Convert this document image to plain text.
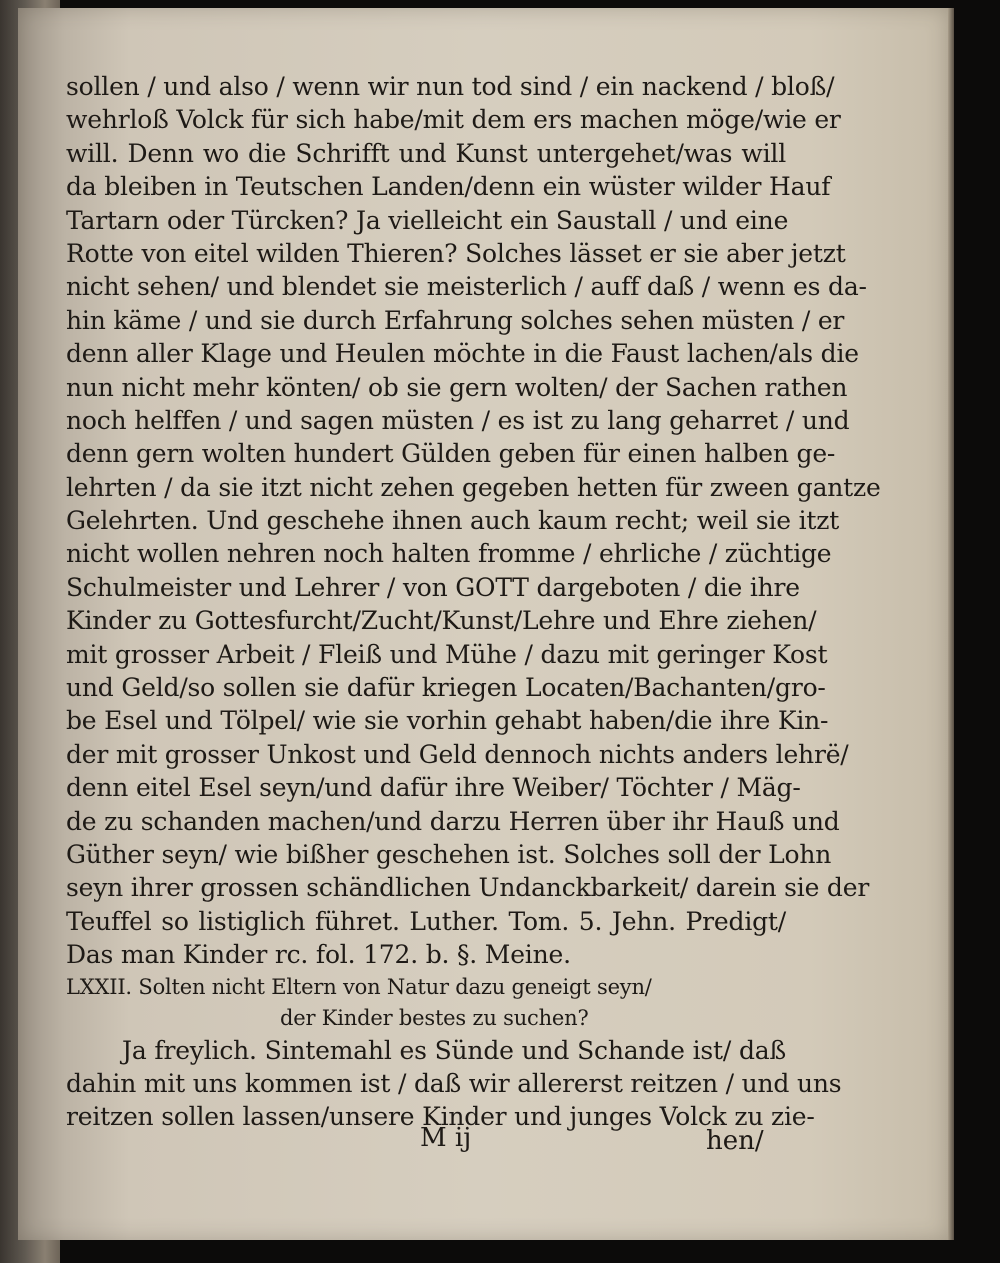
sollen / und also / wenn wir nun tod sind / ein nackend / bloß/
wehrloß Volck für sich habe/mit dem ers machen möge/wie er
will. Denn wo die Schrifft und Kunst untergehet/was will
da bleiben in Teutschen Landen/denn ein wüster wilder Hauf
Tartarn oder Türcken? Ja vielleicht ein Saustall / und eine
Rotte von eitel wilden Thieren? Solches lässet er sie aber jetzt
nicht sehen/ und blendet sie meisterlich / auff daß / wenn es da-
hin käme / und sie durch Erfahrung solches sehen müsten / er
denn aller Klage und Heulen möchte in die Faust lachen/als die
nun nicht mehr könten/ ob sie gern wolten/ der Sachen rathen
noch helffen / und sagen müsten / es ist zu lang geharret / und
denn gern wolten hundert Gülden geben für einen halben ge-
lehrten / da sie itzt nicht zehen gegeben hetten für zween gantze
Gelehrten. Und geschehe ihnen auch kaum recht; weil sie itzt
nicht wollen nehren noch halten fromme / ehrliche / züchtige
Schulmeister und Lehrer / von GOTT dargeboten / die ihre
Kinder zu Gottesfurcht/Zucht/Kunst/Lehre und Ehre ziehen/
mit grosser Arbeit / Fleiß und Mühe / dazu mit geringer Kost
und Geld/so sollen sie dafür kriegen Locaten/Bachanten/gro-
be Esel und Tölpel/ wie sie vorhin gehabt haben/die ihre Kin-
der mit grosser Unkost und Geld dennoch nichts anders lehrë/
denn eitel Esel seyn/und dafür ihre Weiber/ Töchter / Mäg-
de zu schanden machen/und darzu Herren über ihr Hauß und
Güther seyn/ wie bißher geschehen ist. Solches soll der Lohn
seyn ihrer grossen schändlichen Undanckbarkeit/ darein sie der
Teuffel so listiglich führet. Luther. Tom. 5. Jehn. Predigt/
Das man Kinder rc. fol. 172. b. §. Meine.
LXXII. Solten nicht Eltern von Natur dazu geneigt seyn/
der Kinder bestes zu suchen?
Ja freylich. Sintemahl es Sünde und Schande ist/ daß
dahin mit uns kommen ist / daß wir allererst reitzen / und uns
reitzen sollen lassen/unsere Kinder und junges Volck zu zie-
M ij	hen/
